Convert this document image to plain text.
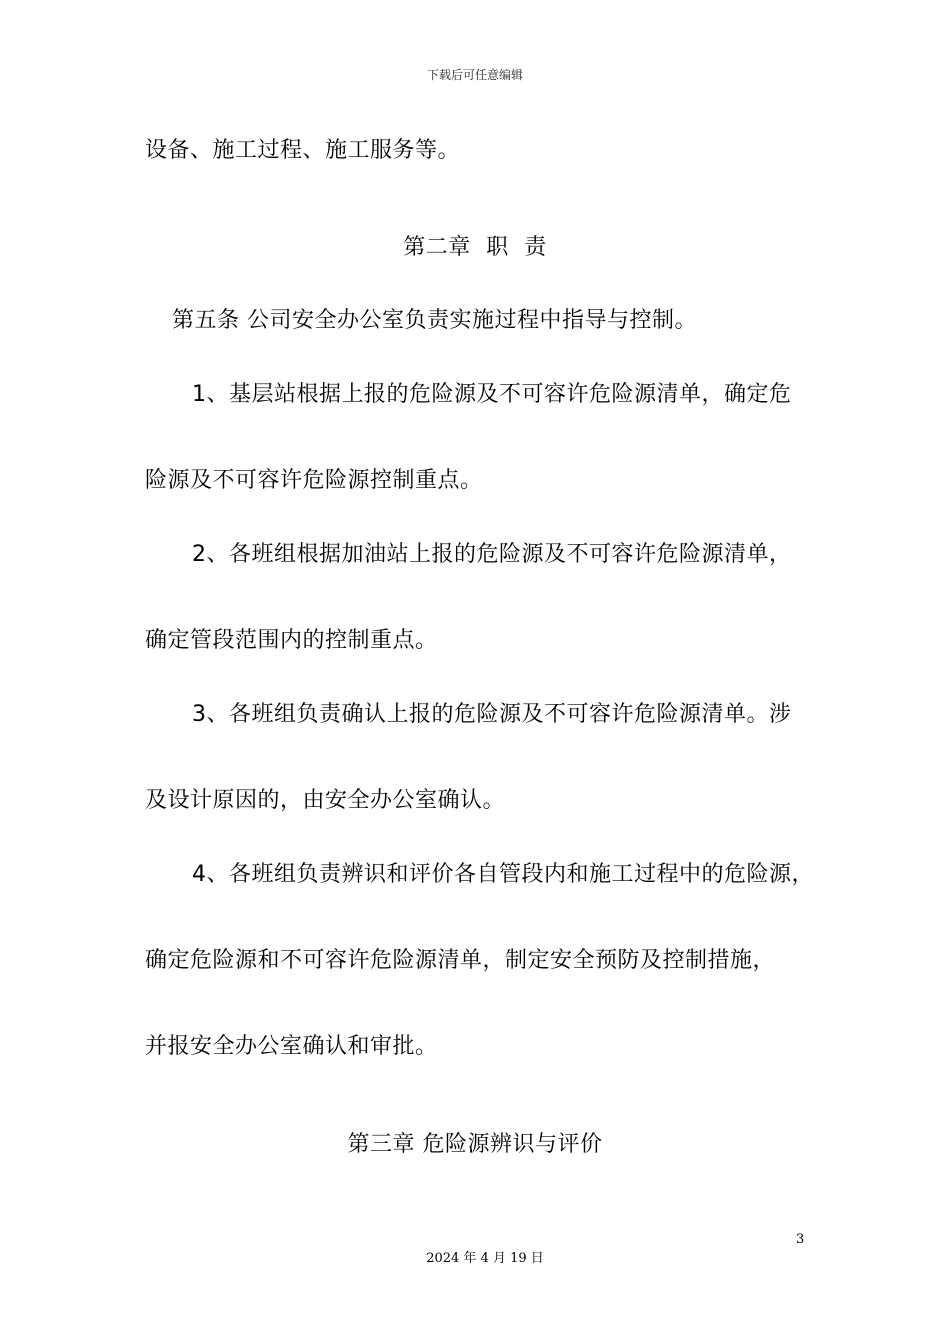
下载后可任意编辑
设备、施工过程、施工服务等。
第二章 职 责
第五条 公司安全办公室负责实施过程中指导与控制。
1、基层站根据上报的危险源及不可容许危险源清单，确定危
险源及不可容许危险源控制重点。
2、各班组根据加油站上报的危险源及不可容许危险源清单，
确定管段范围内的控制重点。
3、各班组负责确认上报的危险源及不可容许危险源清单。涉
及设计原因的，由安全办公室确认。
4、各班组负责辨识和评价各自管段内和施工过程中的危险源，
确定危险源和不可容许危险源清单，制定安全预防及控制措施，
并报安全办公室确认和审批。
第三章 危险源辨识与评价
3
2024 年 4 月 19 日
